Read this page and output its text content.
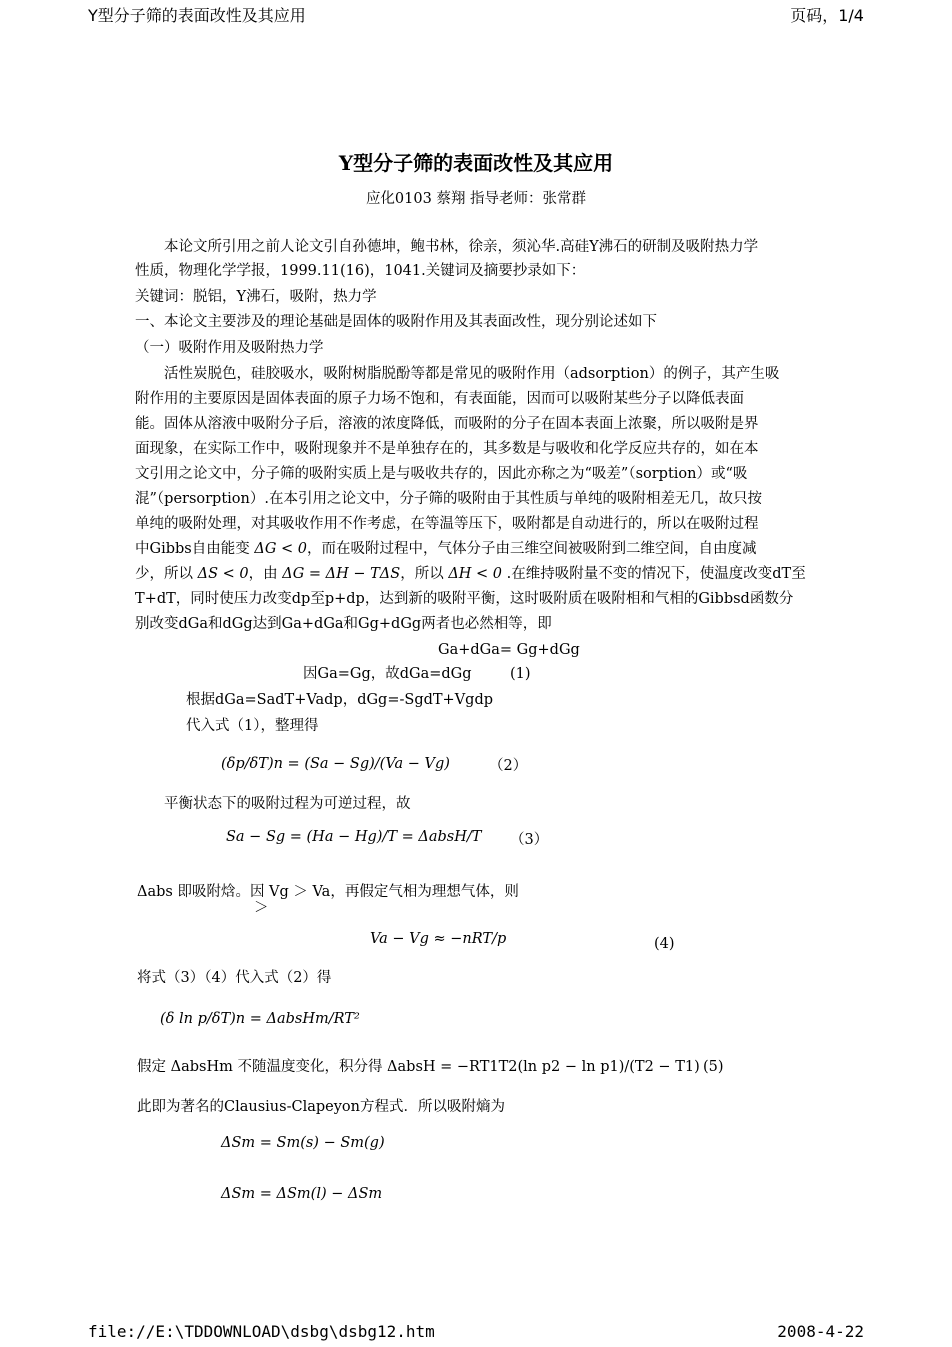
Y型分子筛的表面改性及其应用	页码，1/4
Y型分子筛的表面改性及其应用
应化0103 蔡翔 指导老师：张常群
　　本论文所引用之前人论文引自孙德坤，鲍书林，徐亲，须沁华.高硅Y沸石的研制及吸附热力学
性质，物理化学学报，1999.11(16)，1041.关键词及摘要抄录如下：
关键词：脱铝，Y沸石，吸附，热力学
一、本论文主要涉及的理论基础是固体的吸附作用及其表面改性，现分别论述如下
（一）吸附作用及吸附热力学
　　活性炭脱色，硅胶吸水，吸附树脂脱酚等都是常见的吸附作用（adsorption）的例子，其产生吸
附作用的主要原因是固体表面的原子力场不饱和，有表面能，因而可以吸附某些分子以降低表面
能。固体从溶液中吸附分子后，溶液的浓度降低，而吸附的分子在固本表面上浓聚，所以吸附是界
面现象，在实际工作中，吸附现象并不是单独存在的，其多数是与吸收和化学反应共存的，如在本
文引用之论文中，分子筛的吸附实质上是与吸收共存的，因此亦称之为“吸差”（sorption）或“吸
混”（persorption）.在本引用之论文中，分子筛的吸附由于其性质与单纯的吸附相差无几，故只按
单纯的吸附处理，对其吸收作用不作考虑，在等温等压下，吸附都是自动进行的，所以在吸附过程
中Gibbs自由能变 ΔG < 0，而在吸附过程中，气体分子由三维空间被吸附到二维空间，自由度减
少，所以 ΔS < 0，由 ΔG = ΔH − TΔS，所以 ΔH < 0 .在维持吸附量不变的情况下，使温度改变dT至
T+dT，同时使压力改变dp至p+dp，达到新的吸附平衡，这时吸附质在吸附相和气相的Gibbsd函数分
别改变dGa和dGg达到Ga+dGa和Gg+dGg两者也必然相等，即
Ga+dGa= Gg+dGg
因Ga=Gg，故dGa=dGg	(1)
根据dGa=SadT+Vadp，dGg=-SgdT+Vgdp
代入式（1），整理得
(δp/δT)n = (Sa − Sg)/(Va − Vg)	（2）
　　平衡状态下的吸附过程为可逆过程，故
Sa − Sg = (Ha − Hg)/T = ΔabsH/T （3）
Δabs 即吸附焓。因 Vg ＞ Va，再假定气相为理想气体，则
＞
Va − Vg ≈ −nRT/p	(4)
将式（3）（4）代入式（2）得
(δ ln p/δT)n = ΔabsHm/RT²
假定 ΔabsHm 不随温度变化，积分得 ΔabsH = −RT1T2(ln p2 − ln p1)/(T2 − T1) (5)
此即为著名的Clausius-Clapeyon方程式．所以吸附熵为
ΔSm = Sm(s) − Sm(g)
ΔSm = ΔSm(l) − ΔSm
file://E:\TDDOWNLOAD\dsbg\dsbg12.htm	2008-4-22
